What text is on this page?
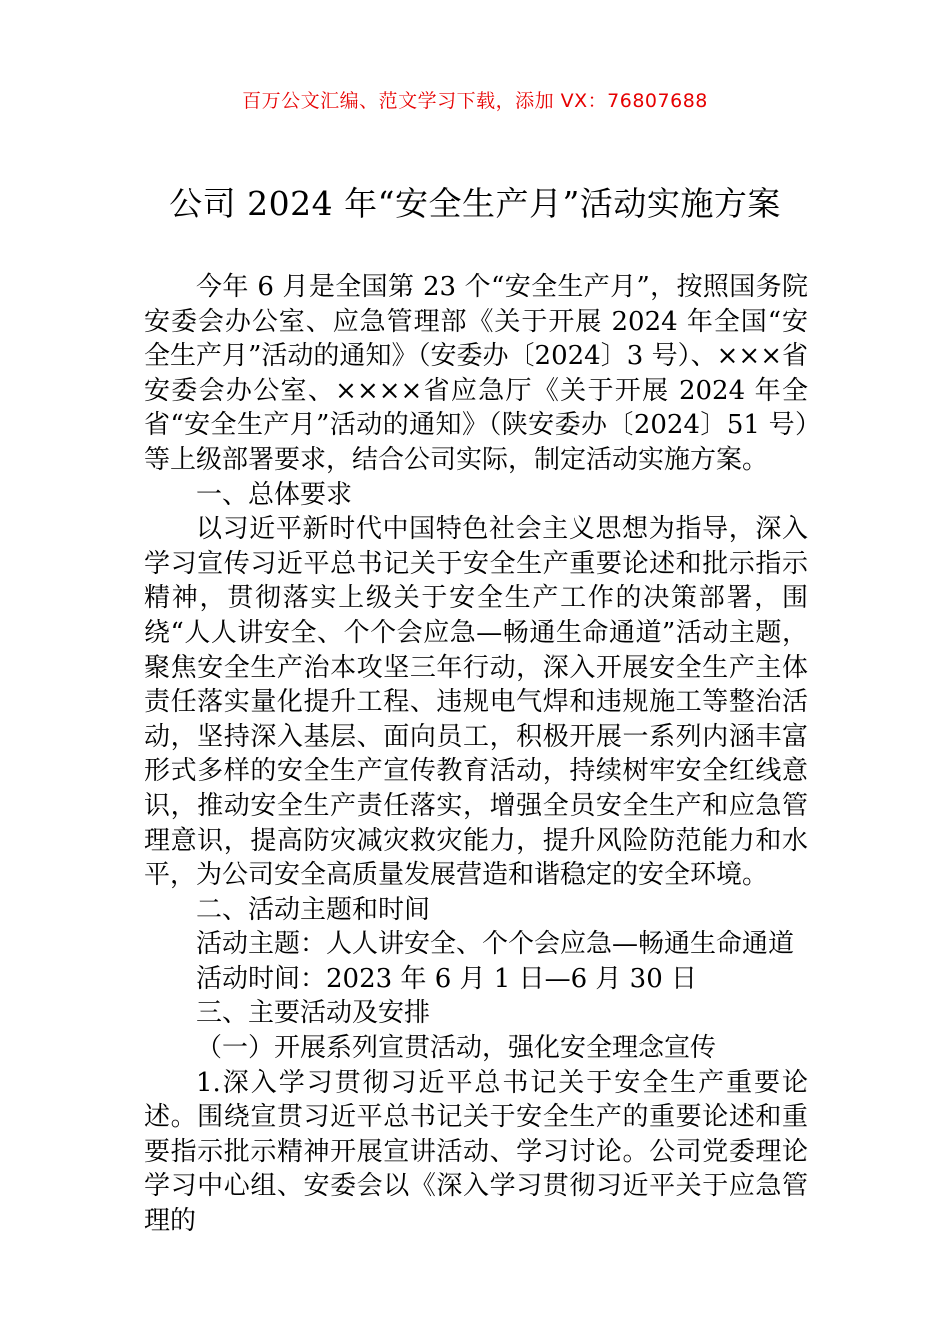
百万公文汇编、范文学习下载，添加 VX：76807688
公司 2024 年“安全生产月”活动实施方案

今年 6 月是全国第 23 个“安全生产月”，按照国务院安委会办公室、应急管理部《关于开展 2024 年全国“安全生产月”活动的通知》（安委办〔2024〕3 号）、×××省安委会办公室、××××省应急厅《关于开展 2024 年全省“安全生产月”活动的通知》（陕安委办〔2024〕51 号）等上级部署要求，结合公司实际，制定活动实施方案。

一、总体要求

以习近平新时代中国特色社会主义思想为指导，深入学习宣传习近平总书记关于安全生产重要论述和批示指示精神，贯彻落实上级关于安全生产工作的决策部署，围绕“人人讲安全、个个会应急—畅通生命通道”活动主题，聚焦安全生产治本攻坚三年行动，深入开展安全生产主体责任落实量化提升工程、违规电气焊和违规施工等整治活动，坚持深入基层、面向员工，积极开展一系列内涵丰富形式多样的安全生产宣传教育活动，持续树牢安全红线意识，推动安全生产责任落实，增强全员安全生产和应急管理意识，提高防灾减灾救灾能力，提升风险防范能力和水平，为公司安全高质量发展营造和谐稳定的安全环境。

二、活动主题和时间

活动主题：人人讲安全、个个会应急—畅通生命通道

活动时间：2023 年 6 月 1 日—6 月 30 日

三、主要活动及安排

（一）开展系列宣贯活动，强化安全理念宣传

1.深入学习贯彻习近平总书记关于安全生产重要论述。围绕宣贯习近平总书记关于安全生产的重要论述和重要指示批示精神开展宣讲活动、学习讨论。公司党委理论学习中心组、安委会以《深入学习贯彻习近平关于应急管理的
